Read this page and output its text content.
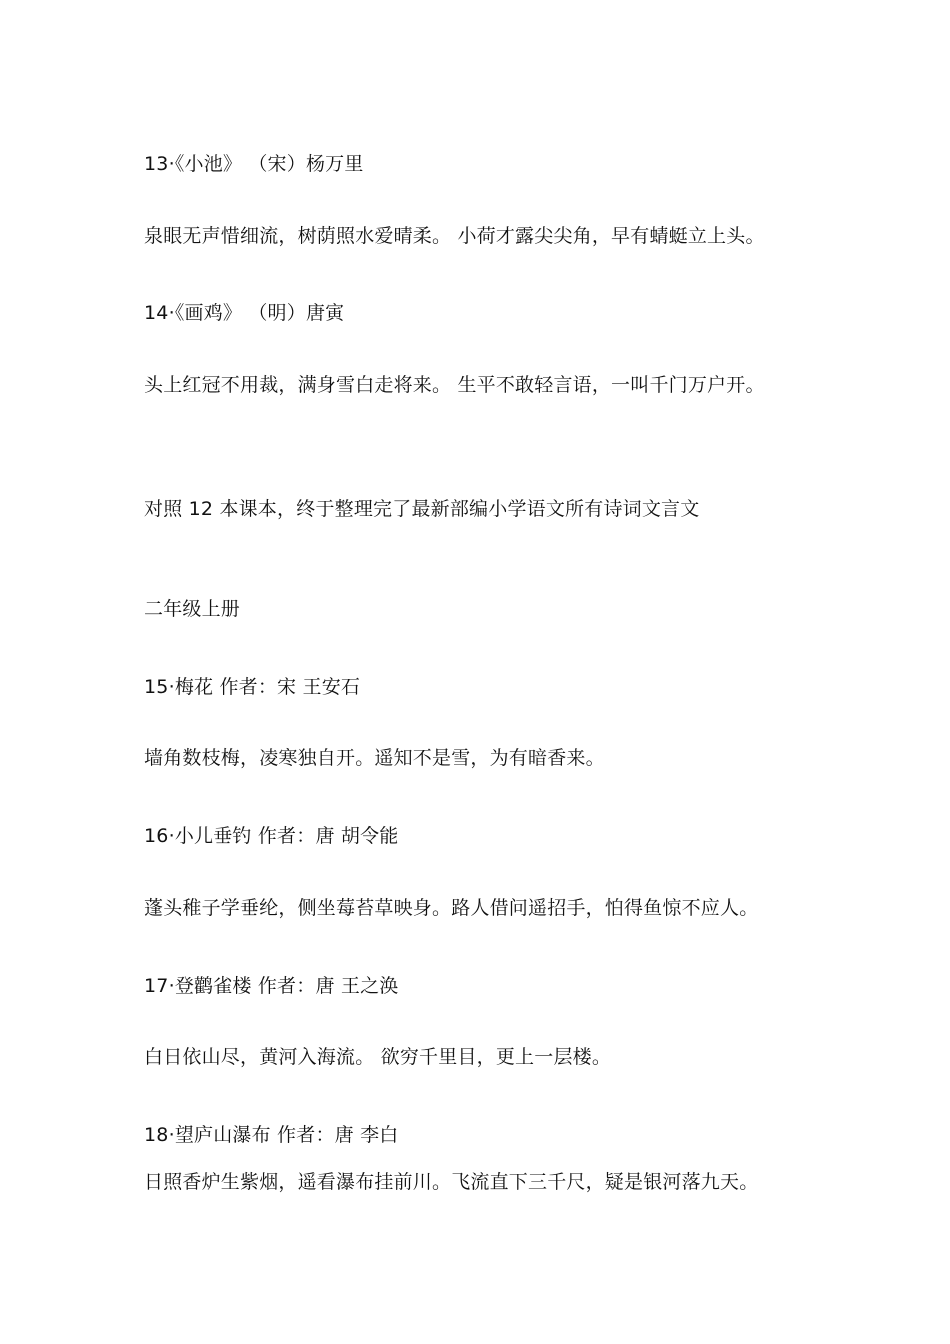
13·《小池》 （宋）杨万里
泉眼无声惜细流，树荫照水爱晴柔。 小荷才露尖尖角，早有蜻蜓立上头。
14·《画鸡》 （明）唐寅
头上红冠不用裁，满身雪白走将来。 生平不敢轻言语，一叫千门万户开。
对照 12 本课本，终于整理完了最新部编小学语文所有诗词文言文
二年级上册
15·梅花 作者：宋 王安石
墙角数枝梅，凌寒独自开。遥知不是雪，为有暗香来。
16·小儿垂钓 作者：唐 胡令能
蓬头稚子学垂纶，侧坐莓苔草映身。路人借问遥招手，怕得鱼惊不应人。
17·登鹳雀楼 作者：唐 王之涣
白日依山尽，黄河入海流。 欲穷千里目，更上一层楼。
18·望庐山瀑布 作者：唐 李白
日照香炉生紫烟，遥看瀑布挂前川。飞流直下三千尺，疑是银河落九天。
